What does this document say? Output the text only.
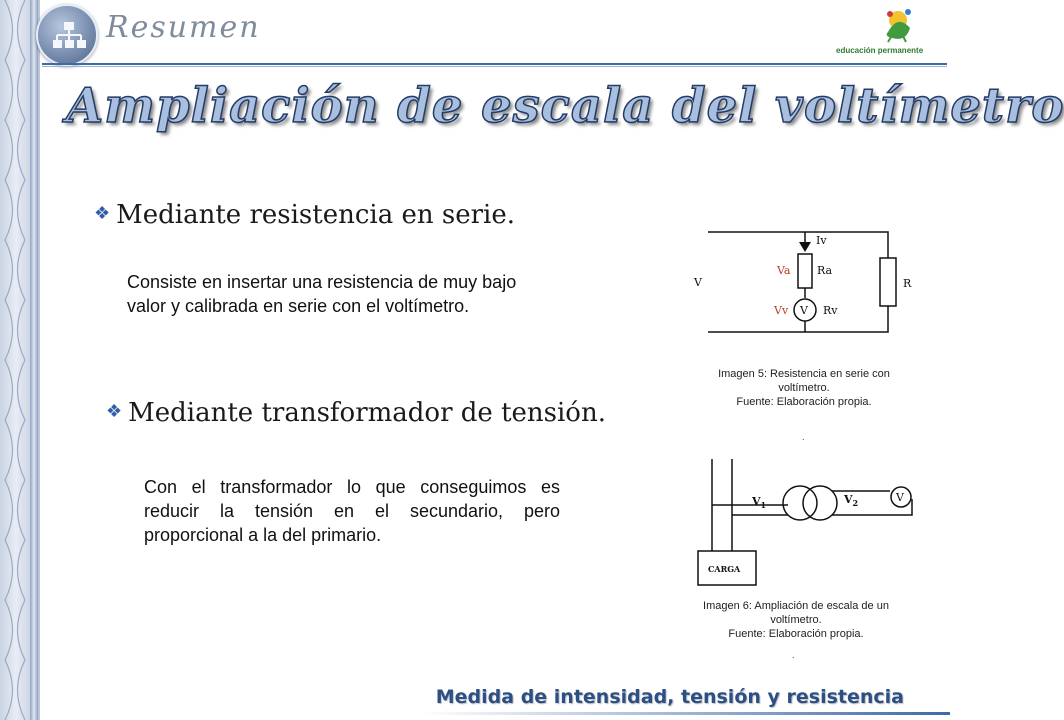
Resumen
educación permanente
Ampliación de escala del voltímetro
❖ Mediante resistencia en serie.
Consiste en insertar una resistencia de muy bajo valor y calibrada en serie con el voltímetro.
❖ Mediante transformador de tensión.
Con el transformador lo que conseguimos es reducir la tensión en el secundario, pero proporcional a la del primario.
Iv
Va Ra
V	R
Vv V Rv
Imagen 5: Resistencia en serie con voltímetro.
Fuente: Elaboración propia.
.
$V_1$	$V_2$	V
CARGA
Imagen 6: Ampliación de escala de un voltímetro.
Fuente: Elaboración propia.
.
Medida de intensidad, tensión y resistencia
